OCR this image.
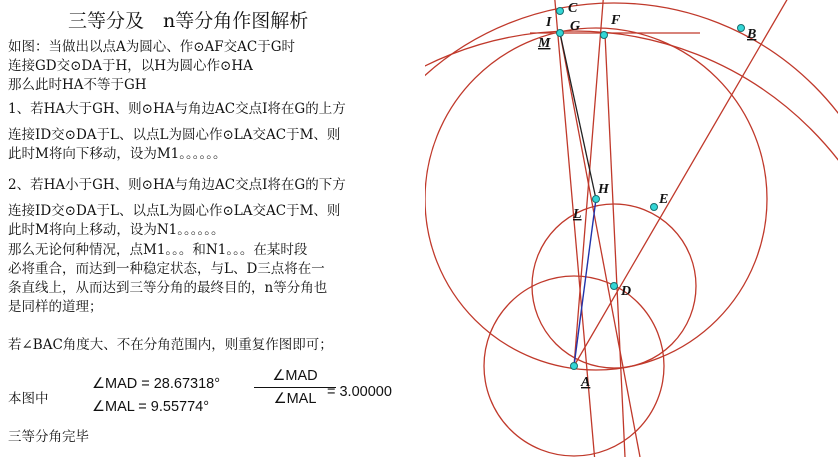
三等分及　n等分角作图解析
如图：当做出以点A为圆心、作⊙AF交AC于G时
连接GD交⊙DA于H，以H为圆心作⊙HA
那么此时HA不等于GH
1、若HA大于GH、则⊙HA与角边AC交点I将在G的上方
连接ID交⊙DA于L、以点L为圆心作⊙LA交AC于M、则
此时M将向下移动，设为M1。。。。。。
2、若HA小于GH、则⊙HA与角边AC交点I将在G的下方
连接ID交⊙DA于L、以点L为圆心作⊙LA交AC于M、则
此时M将向上移动，设为N1。。。。。。
那么无论何种情况，点M1。。。和N1。。。在某时段
必将重合，而达到一种稳定状态，与L、D三点将在一
条直线上，从而达到三等分角的最终目的，n等分角也
是同样的道理；
若∠BAC角度大、不在分角范围内，则重复作图即可；
本图中
∠MAD = 28.67318°
∠MAL = 9.55774°
∠MAD
∠MAL = 3.00000
三等分角完毕
C
I G F
B
M
H
E
L
D
A
